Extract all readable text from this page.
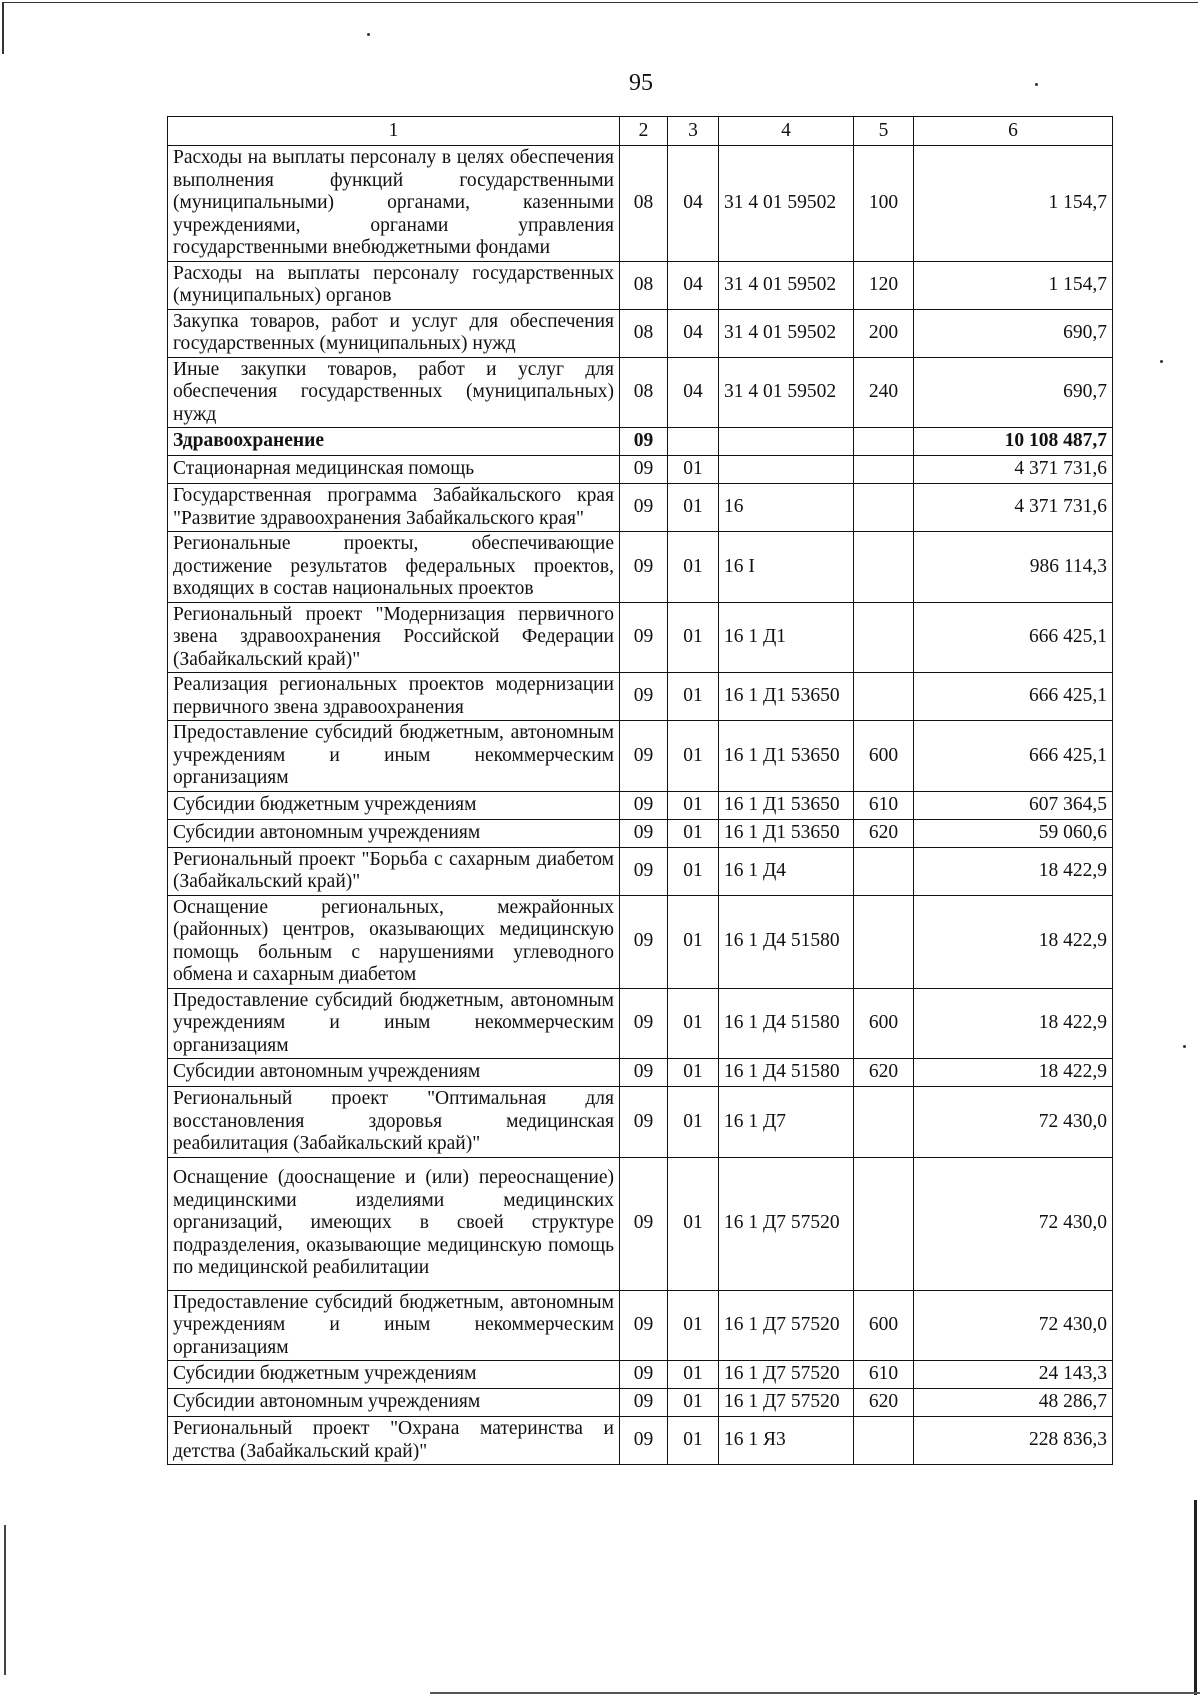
95
1	2	3	4	5	6
Расходы на выплаты персоналу в целях обеспечения выполнения функций государственными (муниципальными) органами, казенными учреждениями, органами управления государственными внебюджетными фондами	08	04	31 4 01 59502	100	1 154,7
Расходы на выплаты персоналу государственных (муниципальных) органов	08	04	31 4 01 59502	120	1 154,7
Закупка товаров, работ и услуг для обеспечения государственных (муниципальных) нужд	08	04	31 4 01 59502	200	690,7
Иные закупки товаров, работ и услуг для обеспечения государственных (муниципальных) нужд	08	04	31 4 01 59502	240	690,7
Здравоохранение	09				10 108 487,7
Стационарная медицинская помощь	09	01			4 371 731,6
Государственная программа Забайкальского края "Развитие здравоохранения Забайкальского края"	09	01	16		4 371 731,6
Региональные проекты, обеспечивающие достижение результатов федеральных проектов, входящих в состав национальных проектов	09	01	16 I		986 114,3
Региональный проект "Модернизация первичного звена здравоохранения Российской Федерации (Забайкальский край)"	09	01	16 1 Д1		666 425,1
Реализация региональных проектов модернизации первичного звена здравоохранения	09	01	16 1 Д1 53650		666 425,1
Предоставление субсидий бюджетным, автономным учреждениям и иным некоммерческим организациям	09	01	16 1 Д1 53650	600	666 425,1
Субсидии бюджетным учреждениям	09	01	16 1 Д1 53650	610	607 364,5
Субсидии автономным учреждениям	09	01	16 1 Д1 53650	620	59 060,6
Региональный проект "Борьба с сахарным диабетом (Забайкальский край)"	09	01	16 1 Д4		18 422,9
Оснащение региональных, межрайонных (районных) центров, оказывающих медицинскую помощь больным с нарушениями углеводного обмена и сахарным диабетом	09	01	16 1 Д4 51580		18 422,9
Предоставление субсидий бюджетным, автономным учреждениям и иным некоммерческим организациям	09	01	16 1 Д4 51580	600	18 422,9
Субсидии автономным учреждениям	09	01	16 1 Д4 51580	620	18 422,9
Региональный проект "Оптимальная для восстановления здоровья медицинская реабилитация (Забайкальский край)"	09	01	16 1 Д7		72 430,0
Оснащение (дооснащение и (или) переоснащение) медицинскими изделиями медицинских организаций, имеющих в своей структуре подразделения, оказывающие медицинскую помощь по медицинской реабилитации	09	01	16 1 Д7 57520		72 430,0
Предоставление субсидий бюджетным, автономным учреждениям и иным некоммерческим организациям	09	01	16 1 Д7 57520	600	72 430,0
Субсидии бюджетным учреждениям	09	01	16 1 Д7 57520	610	24 143,3
Субсидии автономным учреждениям	09	01	16 1 Д7 57520	620	48 286,7
Региональный проект "Охрана материнства и детства (Забайкальский край)"	09	01	16 1 Я3		228 836,3
